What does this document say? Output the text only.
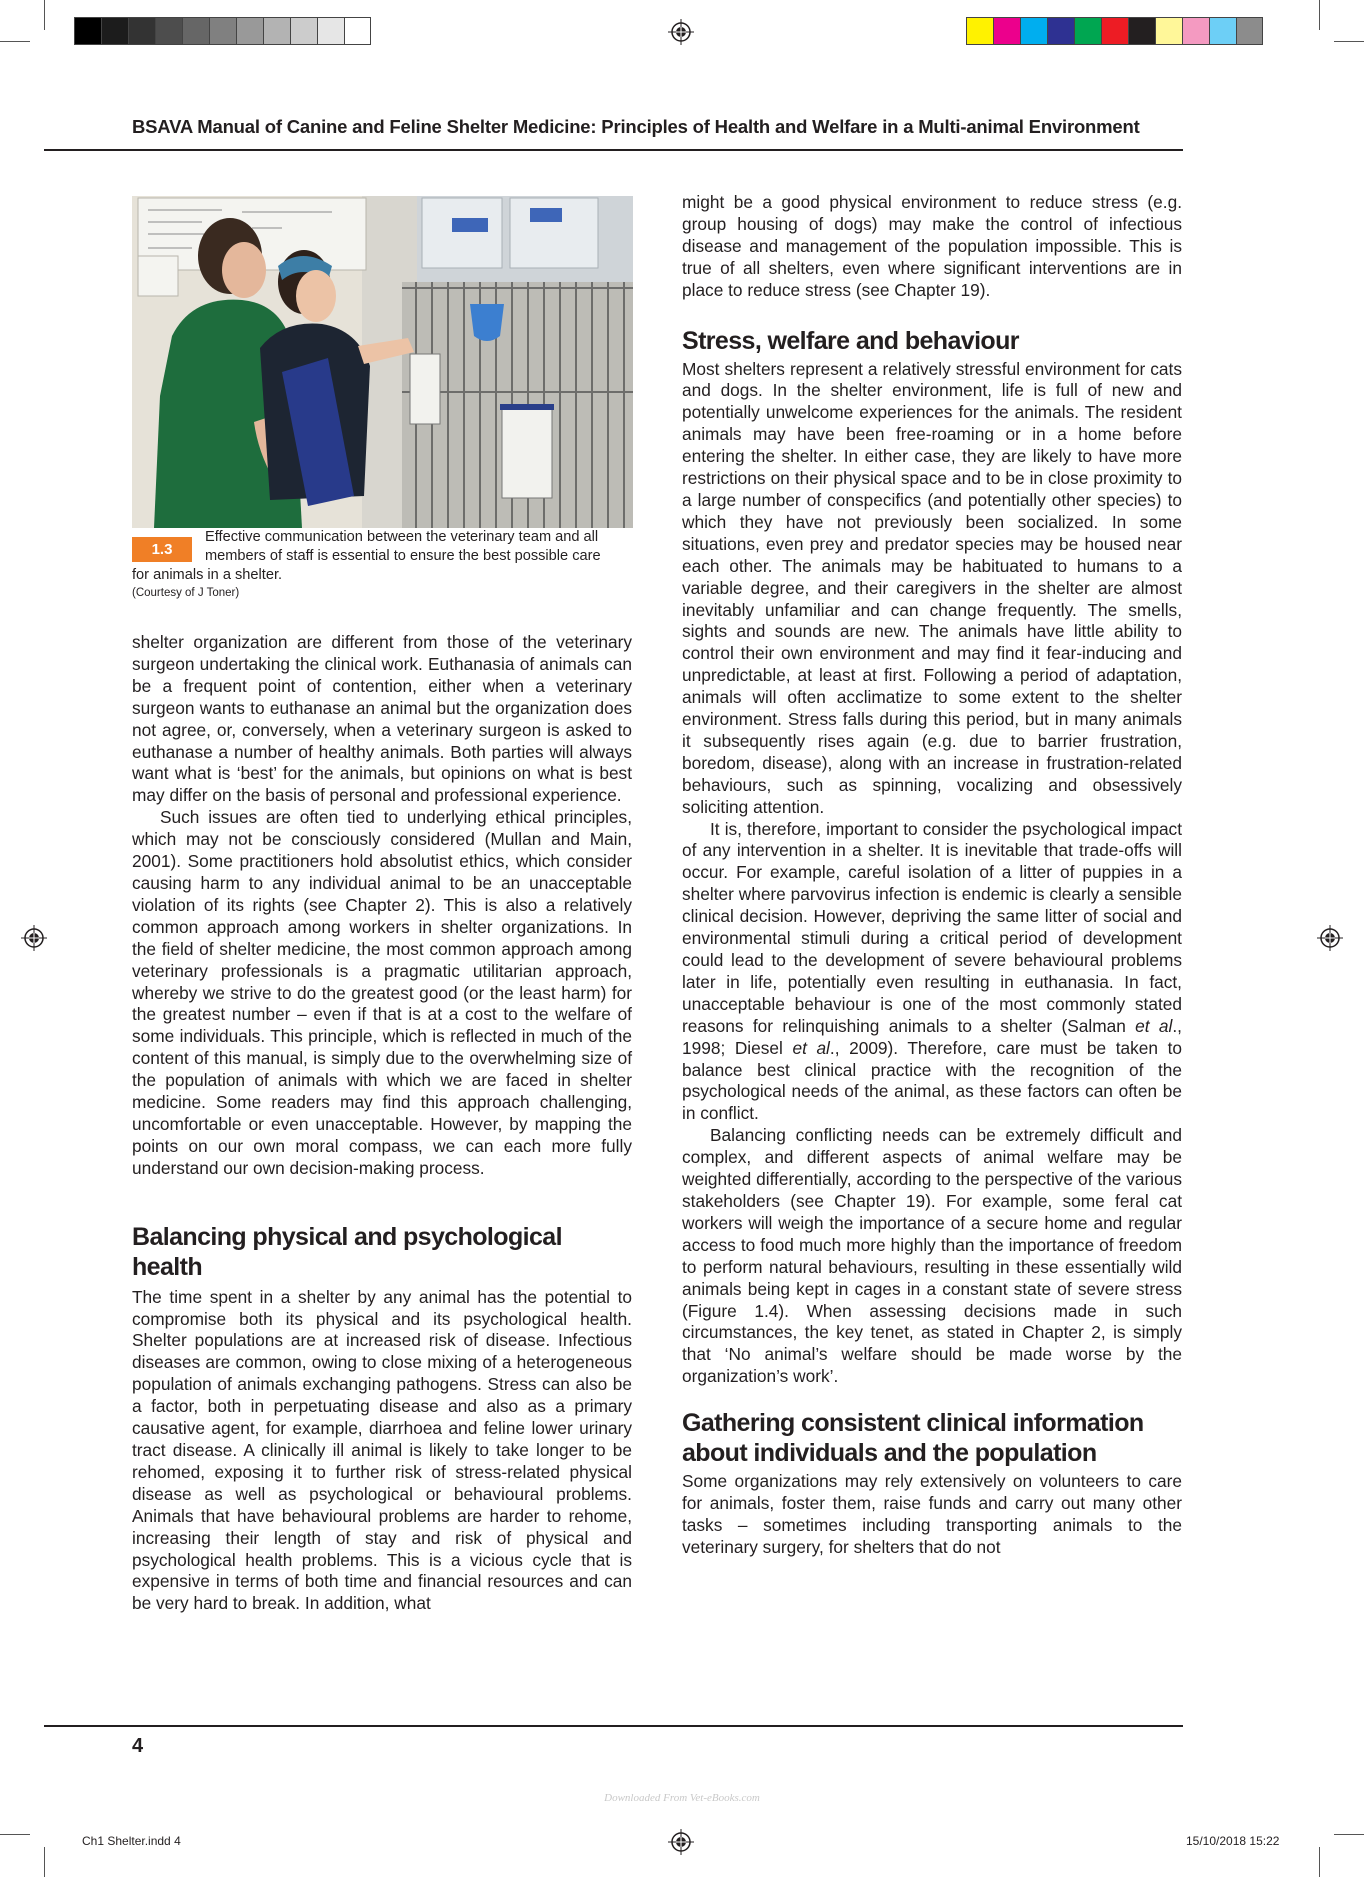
BSAVA Manual of Canine and Feline Shelter Medicine: Principles of Health and Welfare in a Multi-animal Environment
1.3
Effective communication between the veterinary team and all
members of staff is essential to ensure the best possible care
for animals in a shelter.
(Courtesy of J Toner)

shelter organization are different from those of the veterinary surgeon undertaking the clinical work. Euthanasia of animals can be a frequent point of contention, either when a veterinary surgeon wants to euthanase an animal but the organization does not agree, or, conversely, when a veterinary surgeon is asked to euthanase a number of healthy animals. Both parties will always want what is ‘best’ for the animals, but opinions on what is best may differ on the basis of personal and professional experience.

Such issues are often tied to underlying ethical principles, which may not be consciously considered (Mullan and Main, 2001). Some practitioners hold absolutist ethics, which consider causing harm to any individual animal to be an unacceptable violation of its rights (see Chapter 2). This is also a relatively common approach among workers in shelter organizations. In the field of shelter medicine, the most common approach among veterinary professionals is a pragmatic utilitarian approach, whereby we strive to do the greatest good (or the least harm) for the greatest number – even if that is at a cost to the welfare of some individuals. This principle, which is reflected in much of the content of this manual, is simply due to the overwhelming size of the population of animals with which we are faced in shelter medicine. Some readers may find this approach challenging, uncomfortable or even unacceptable. However, by mapping the points on our own moral compass, we can each more fully understand our own decision-making process.

Balancing physical and psychological health

The time spent in a shelter by any animal has the potential to compromise both its physical and its psychological health. Shelter populations are at increased risk of disease. Infectious diseases are common, owing to close mixing of a heterogeneous population of animals exchanging pathogens. Stress can also be a factor, both in perpetuating disease and also as a primary causative agent, for example, diarrhoea and feline lower urinary tract disease. A clinically ill animal is likely to take longer to be rehomed, exposing it to further risk of stress-related physical disease as well as psychological or behavioural problems. Animals that have behavioural problems are harder to rehome, increasing their length of stay and risk of physical and psychological health problems. This is a vicious cycle that is expensive in terms of both time and financial resources and can be very hard to break. In addition, what

might be a good physical environment to reduce stress (e.g. group housing of dogs) may make the control of infectious disease and management of the population impossible. This is true of all shelters, even where significant interventions are in place to reduce stress (see Chapter 19).

Stress, welfare and behaviour

Most shelters represent a relatively stressful environment for cats and dogs. In the shelter environment, life is full of new and potentially unwelcome experiences for the animals. The resident animals may have been free-roaming or in a home before entering the shelter. In either case, they are likely to have more restrictions on their physical space and to be in close proximity to a large number of conspecifics (and potentially other species) to which they have not previously been socialized. In some situations, even prey and predator species may be housed near each other. The animals may be habituated to humans to a variable degree, and their caregivers in the shelter are almost inevitably unfamiliar and can change frequently. The smells, sights and sounds are new. The animals have little ability to control their own environment and may find it fear-inducing and unpredictable, at least at first. Following a period of adaptation, animals will often acclimatize to some extent to the shelter environment. Stress falls during this period, but in many animals it subsequently rises again (e.g. due to barrier frustration, boredom, disease), along with an increase in frustration-related behaviours, such as spinning, vocalizing and obsessively soliciting attention.

It is, therefore, important to consider the psychological impact of any intervention in a shelter. It is inevitable that trade-offs will occur. For example, careful isolation of a litter of puppies in a shelter where parvovirus infection is endemic is clearly a sensible clinical decision. However, depriving the same litter of social and environmental stimuli during a critical period of development could lead to the development of severe behavioural problems later in life, potentially even resulting in euthanasia. In fact, unacceptable behaviour is one of the most commonly stated reasons for relinquishing animals to a shelter (Salman et al., 1998; Diesel et al., 2009). Therefore, care must be taken to balance best clinical practice with the recognition of the psychological needs of the animal, as these factors can often be in conflict.

Balancing conflicting needs can be extremely difficult and complex, and different aspects of animal welfare may be weighted differentially, according to the perspective of the various stakeholders (see Chapter 19). For example, some feral cat workers will weigh the importance of a secure home and regular access to food much more highly than the importance of freedom to perform natural behaviours, resulting in these essentially wild animals being kept in cages in a constant state of severe stress (Figure 1.4). When assessing decisions made in such circumstances, the key tenet, as stated in Chapter 2, is simply that ‘No animal’s welfare should be made worse by the organization’s work’.

Gathering consistent clinical information
about individuals and the population

Some organizations may rely extensively on volunteers to care for animals, foster them, raise funds and carry out many other tasks – sometimes including transporting animals to the veterinary surgery, for shelters that do not

4
Downloaded From Vet-eBooks.com
Ch1 Shelter.indd 4	15/10/2018 15:22
